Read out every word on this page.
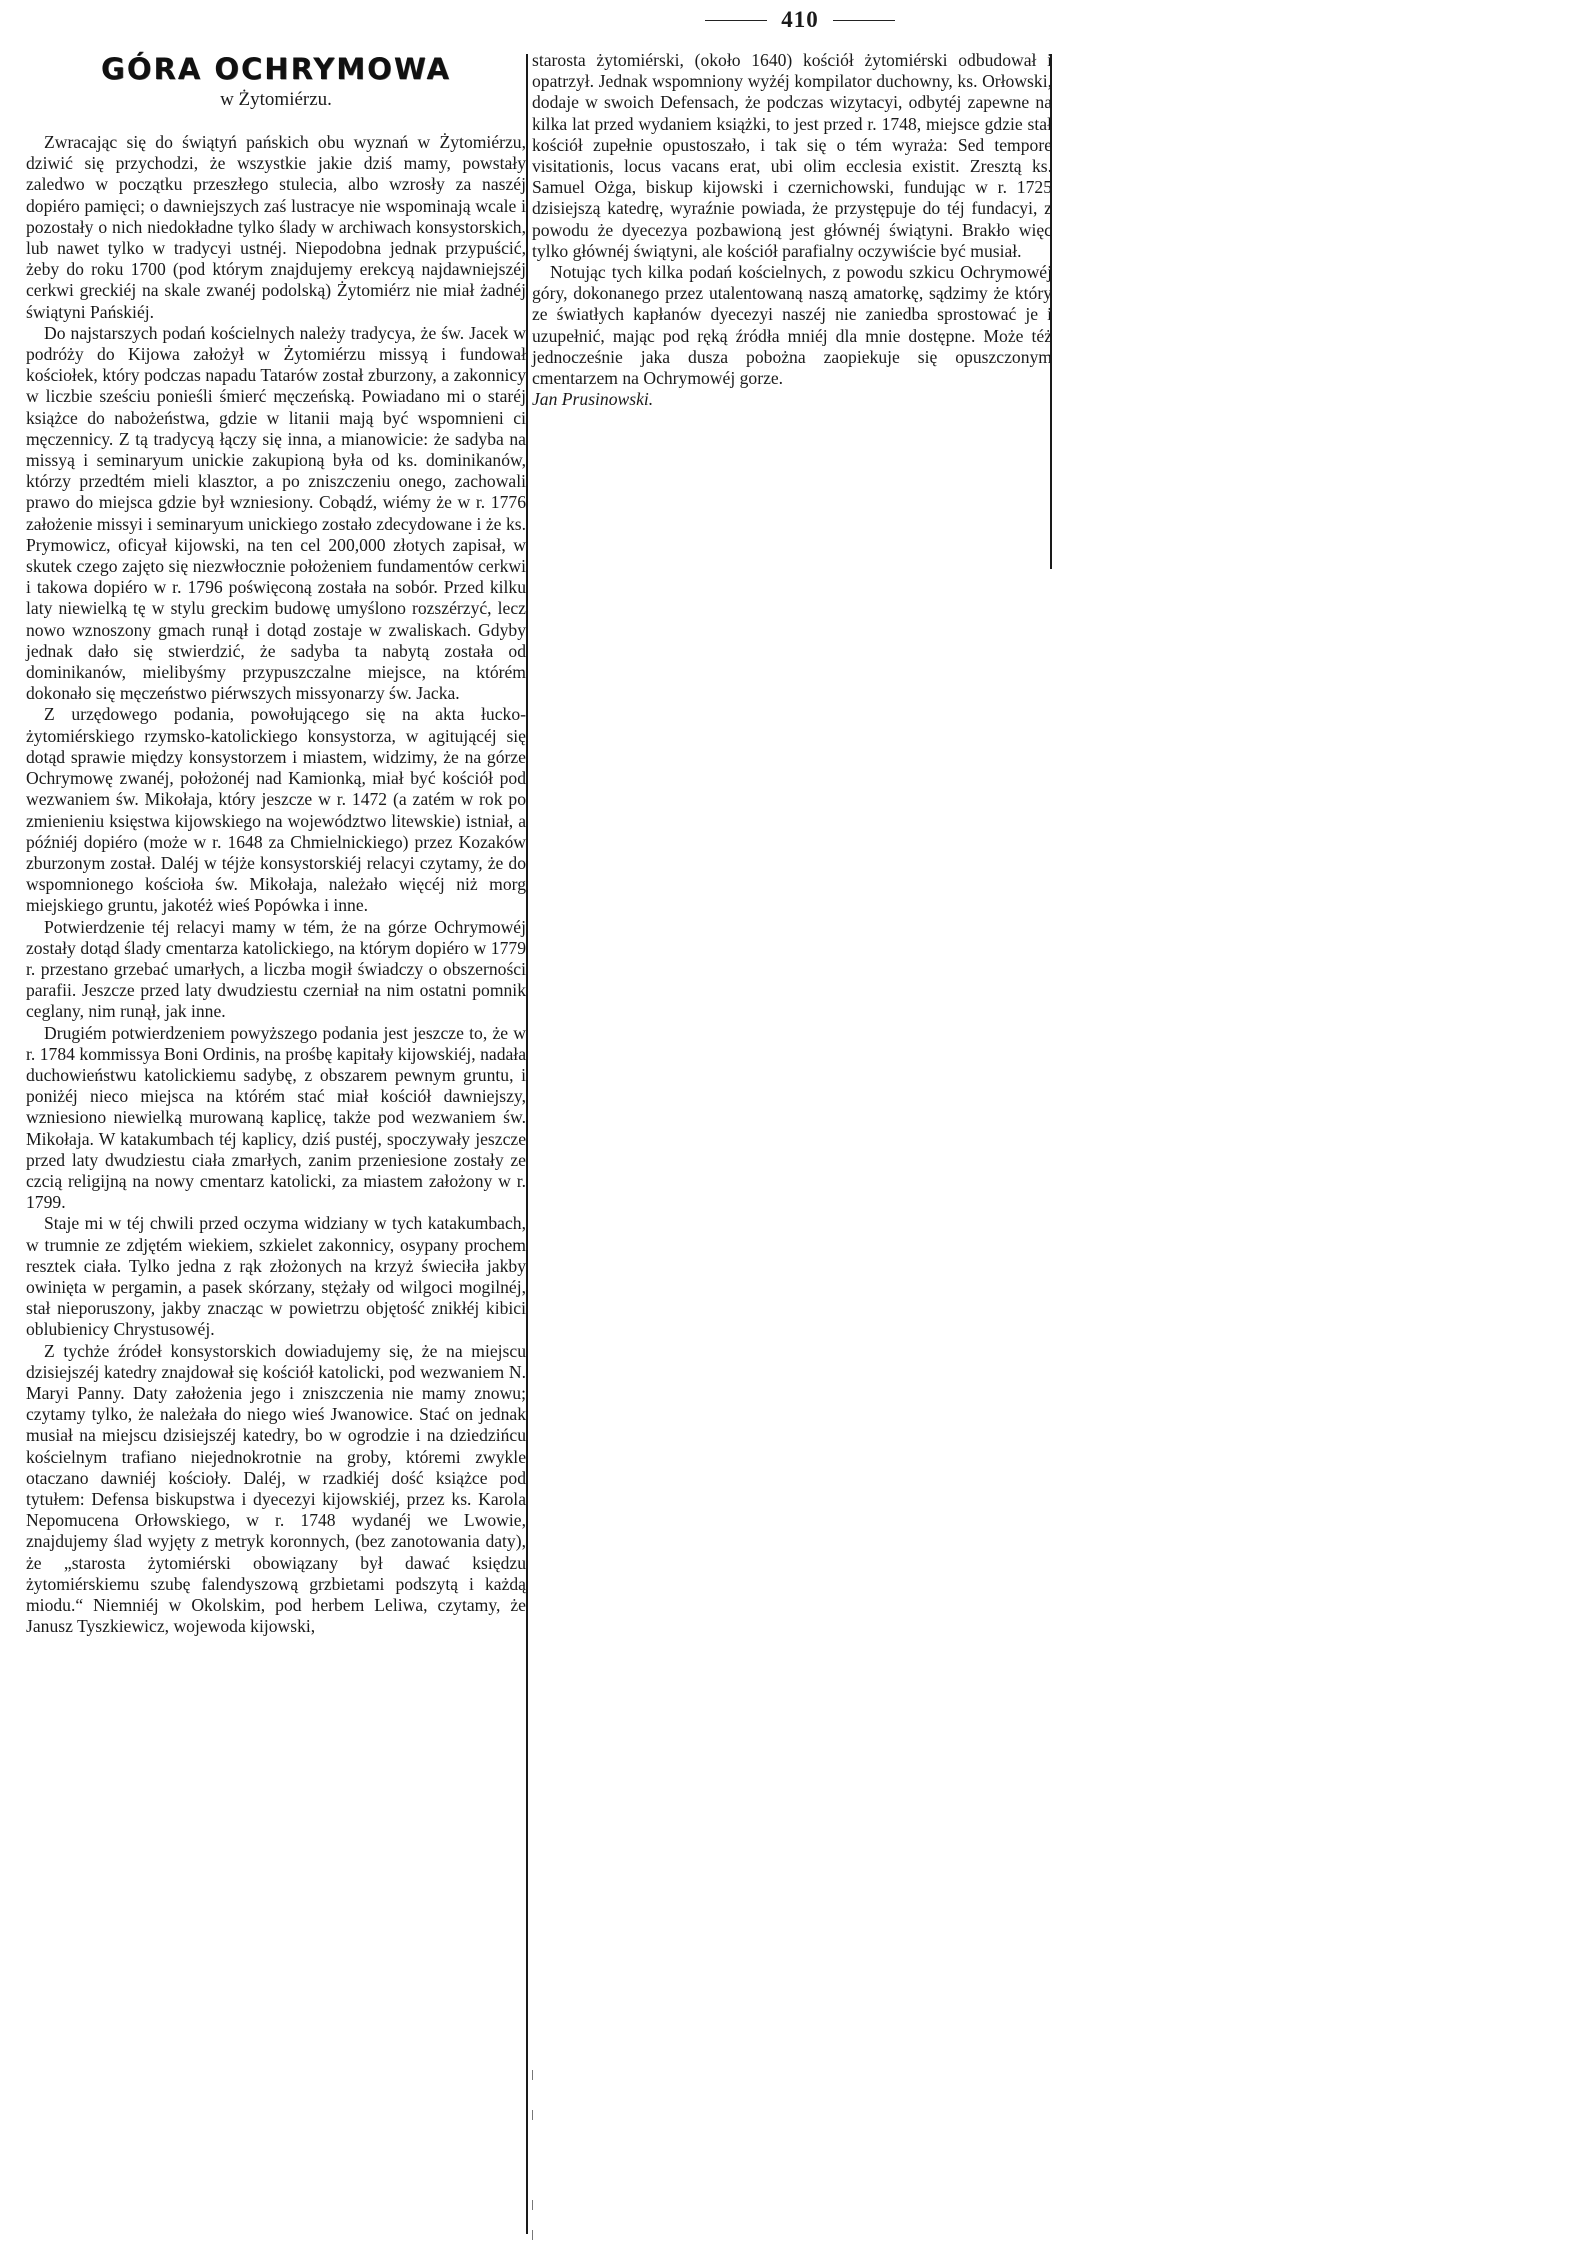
410
GÓRA OCHRYMOWA
w Żytomiérzu.

Zwracając się do świątyń pańskich obu wyznań w Żytomiérzu, dziwić się przychodzi, że wszystkie jakie dziś mamy, powstały zaledwo w początku przeszłego stulecia, albo wzrosły za naszéj dopiéro pamięci; o dawniejszych zaś lustracye nie wspominają wcale i pozostały o nich niedokładne tylko ślady w archiwach konsystorskich, lub nawet tylko w tradycyi ustnéj. Niepodobna jednak przypuścić, żeby do roku 1700 (pod którym znajdujemy erekcyą najdawniejszéj cerkwi greckiéj na skale zwanéj podolską) Żytomiérz nie miał żadnéj świątyni Pańskiéj.

Do najstarszych podań kościelnych należy tradycya, że św. Jacek w podróży do Kijowa założył w Żytomiérzu missyą i fundował kościołek, który podczas napadu Tatarów został zburzony, a zakonnicy w liczbie sześciu ponieśli śmierć męczeńską. Powiadano mi o staréj książce do nabożeństwa, gdzie w litanii mają być wspomnieni ci męczennicy. Z tą tradycyą łączy się inna, a mianowicie: że sadyba na missyą i seminaryum unickie zakupioną była od ks. dominikanów, którzy przedtém mieli klasztor, a po zniszczeniu onego, zachowali prawo do miejsca gdzie był wzniesiony. Cobądź, wiémy że w r. 1776 założenie missyi i seminaryum unickiego zostało zdecydowane i że ks. Prymowicz, oficyał kijowski, na ten cel 200,000 złotych zapisał, w skutek czego zajęto się niezwłocznie położeniem fundamentów cerkwi i takowa dopiéro w r. 1796 poświęconą została na sobór. Przed kilku laty niewielką tę w stylu greckim budowę umyślono rozszérzyć, lecz nowo wznoszony gmach runął i dotąd zostaje w zwaliskach. Gdyby jednak dało się stwierdzić, że sadyba ta nabytą została od dominikanów, mielibyśmy przypuszczalne miejsce, na którém dokonało się męczeństwo piérwszych missyonarzy św. Jacka.

Z urzędowego podania, powołującego się na akta łucko-żytomiérskiego rzymsko-katolickiego konsystorza, w agitującéj się dotąd sprawie między konsystorzem i miastem, widzimy, że na górze Ochrymowę zwanéj, położonéj nad Kamionką, miał być kościół pod wezwaniem św. Mikołaja, który jeszcze w r. 1472 (a zatém w rok po zmienieniu księstwa kijowskiego na województwo litewskie) istniał, a późniéj dopiéro (może w r. 1648 za Chmielnickiego) przez Kozaków zburzonym został. Daléj w téjże konsystorskiéj relacyi czytamy, że do wspomnionego kościoła św. Mikołaja, należało więcéj niż morg miejskiego gruntu, jakotéż wieś Popówka i inne.

Potwierdzenie téj relacyi mamy w tém, że na górze Ochrymowéj zostały dotąd ślady cmentarza katolickiego, na którym dopiéro w 1779 r. przestano grzebać umarłych, a liczba mogił świadczy o obszerności parafii. Jeszcze przed laty dwudziestu czerniał na nim ostatni pomnik ceglany, nim runął, jak inne.

Drugiém potwierdzeniem powyższego podania jest jeszcze to, że w r. 1784 kommissya Boni Ordinis, na prośbę kapitały kijowskiéj, nadała duchowieństwu katolickiemu sadybę, z obszarem pewnym gruntu, i poniżéj nieco miejsca na którém stać miał kościół dawniejszy, wzniesiono niewielką murowaną kaplicę, także pod wezwaniem św. Mikołaja. W katakumbach téj kaplicy, dziś pustéj, spoczywały jeszcze przed laty dwudziestu ciała zmarłych, zanim przeniesione zostały ze czcią religijną na nowy cmentarz katolicki, za miastem założony w r. 1799.

Staje mi w téj chwili przed oczyma widziany w tych katakumbach, w trumnie ze zdjętém wiekiem, szkielet zakonnicy, osypany prochem resztek ciała. Tylko jedna z rąk złożonych na krzyż świeciła jakby owinięta w pergamin, a pasek skórzany, stężały od wilgoci mogilnéj, stał nieporuszony, jakby znacząc w powietrzu objętość znikłéj kibici oblubienicy Chrystusowéj.

Z tychże źródeł konsystorskich dowiadujemy się, że na miejscu dzisiejszéj katedry znajdował się kościół katolicki, pod wezwaniem N. Maryi Panny. Daty założenia jego i zniszczenia nie mamy znowu; czytamy tylko, że należała do niego wieś Jwanowice. Stać on jednak musiał na miejscu dzisiejszéj katedry, bo w ogrodzie i na dziedzińcu kościelnym trafiano niejednokrotnie na groby, któremi zwykle otaczano dawniéj kościoły. Daléj, w rzadkiéj dość książce pod tytułem: Defensa biskupstwa i dyecezyi kijowskiéj, przez ks. Karola Nepomucena Orłowskiego, w r. 1748 wydanéj we Lwowie, znajdujemy ślad wyjęty z metryk koronnych, (bez zanotowania daty), że „starosta żytomiérski obowiązany był dawać księdzu żytomiérskiemu szubę falendyszową grzbietami podszytą i każdą miodu.“ Niemniéj w Okolskim, pod herbem Leliwa, czytamy, że Janusz Tyszkiewicz, wojewoda kijowski,

starosta żytomiérski, (około 1640) kościół żytomiérski odbudował i opatrzył. Jednak wspomniony wyżéj kompilator duchowny, ks. Orłowski, dodaje w swoich Defensach, że podczas wizytacyi, odbytéj zapewne na kilka lat przed wydaniem książki, to jest przed r. 1748, miejsce gdzie stał kościół zupełnie opustoszało, i tak się o tém wyraża: Sed tempore visitationis, locus vacans erat, ubi olim ecclesia existit. Zresztą ks. Samuel Ożga, biskup kijowski i czernichowski, fundując w r. 1725 dzisiejszą katedrę, wyraźnie powiada, że przystępuje do téj fundacyi, z powodu że dyecezya pozbawioną jest głównéj świątyni. Brakło więc tylko głównéj świątyni, ale kościół parafialny oczywiście być musiał.

Notując tych kilka podań kościelnych, z powodu szkicu Ochrymowéj góry, dokonanego przez utalentowaną naszą amatorkę, sądzimy że który ze światłych kapłanów dyecezyi naszéj nie zaniedba sprostować je i uzupełnić, mając pod ręką źródła mniéj dla mnie dostępne. Może téż jednocześnie jaka dusza pobożna zaopiekuje się opuszczonym cmentarzem na Ochrymowéj gorze.

Jan Prusinowski.
